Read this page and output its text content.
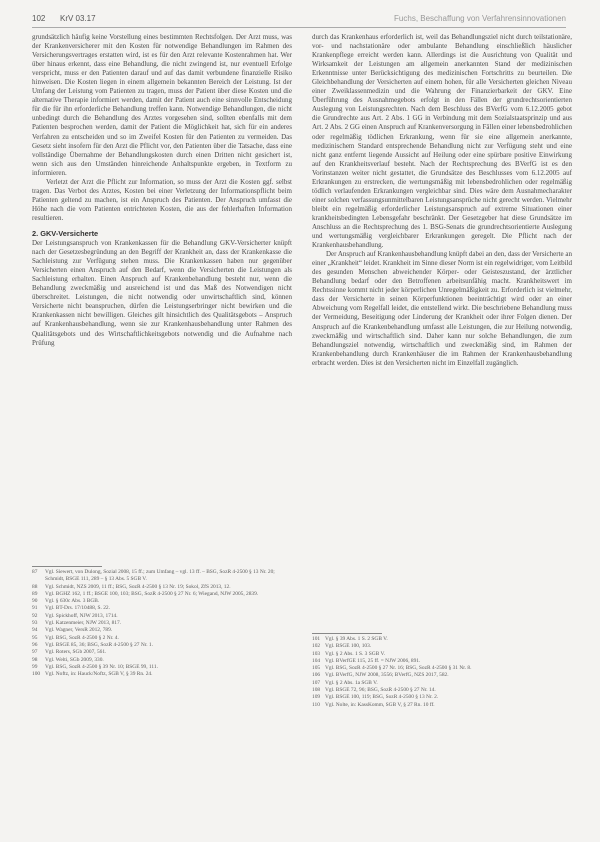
102 KrV 03.17	Fuchs, Beschaffung von Verfahrensinnovationen

grundsätzlich häufig keine Vorstellung eines bestimmten Rechtsfolgen. Der Arzt muss, was der Krankenversicherer mit den Kosten für notwendige Behandlungen im Rahmen des Versicherungsvertrages erstatten wird, ist es für den Arzt relevante Kostenrahmen hat. Wer über hinaus erkennt, dass eine Behandlung, die nicht zwingend ist, nur eventuell Erfolge verspricht, muss er den Patienten darauf und auf das damit verbundene finanzielle Risiko hinweisen. Die Kosten liegen in einem allgemein bekannten Bereich der Leistung. Ist der Umfang der Leistung vom Patienten zu tragen, muss der Patient über diese Kosten und die alternative Therapie informiert werden, damit der Patient auch eine sinnvolle Entscheidung für die für ihn erforderliche Behandlung treffen kann. Notwendige Behandlungen, die nicht unbedingt durch die Behandlung des Arztes vorgesehen sind, sollten ebenfalls mit dem Patienten besprochen werden, damit der Patient die Möglichkeit hat, sich für ein anderes Verfahren zu entscheiden und so im Zweifel Kosten für den Patienten zu vermeiden. Das Gesetz sieht insofern für den Arzt die Pflicht vor, den Patienten über die Tatsache, dass eine vollständige Übernahme der Behandlungskosten durch einen Dritten nicht gesichert ist, wenn sich aus den Umständen hinreichende Anhaltspunkte ergeben, in Textform zu informieren.

Verletzt der Arzt die Pflicht zur Information, so muss der Arzt die Kosten ggf. selbst tragen. Das Verbot des Arztes, Kosten bei einer Verletzung der Informationspflicht beim Patienten geltend zu machen, ist ein Anspruch des Patienten. Der Anspruch umfasst die Höhe nach die vom Patienten entrichteten Kosten, die aus der fehlerhaften Information resultieren.

2. GKV-Versicherte

Der Leistungsanspruch von Krankenkassen für die Behandlung GKV-Versicherter knüpft nach der Gesetzesbegründung an den Begriff der Krankheit an, dass der Krankenkasse die Sachleistung zur Verfügung stehen muss. Die Krankenkassen haben nur gegenüber Versicherten einen Anspruch auf den Bedarf, wenn die Versicherten die Leistungen als Sachleistung erhalten. Einen Anspruch auf Krankenbehandlung besteht nur, wenn die Behandlung zweckmäßig und ausreichend ist und das Maß des Notwendigen nicht überschreitet. Leistungen, die nicht notwendig oder unwirtschaftlich sind, können Versicherte nicht beanspruchen, dürfen die Leistungserbringer nicht bewirken und die Krankenkassen nicht bewilligen. Gleiches gilt hinsichtlich des Qualitätsgebots – Anspruch auf Krankenhausbehandlung, wenn sie zur Krankenhausbehandlung unter Rahmen des Qualitätsgebots und des Wirtschaftlichkeitsgebots notwendig und die Aufnahme nach Prüfung

durch das Krankenhaus erforderlich ist, weil das Behandlungsziel nicht durch teilstationäre, vor- und nachstationäre oder ambulante Behandlung einschließlich häuslicher Krankenpflege erreicht werden kann. Allerdings ist die Ausrichtung von Qualität und Wirksamkeit der Leistungen am allgemein anerkannten Stand der medizinischen Erkenntnisse unter Berücksichtigung des medizinischen Fortschritts zu beurteilen. Die Gleichbehandlung der Versicherten auf einem hohen, für alle Versicherten gleichen Niveau einer Zweiklassenmedizin und die Wahrung der Finanzierbarkeit der GKV. Eine Überführung des Ausnahmegebots erfolgt in den Fällen der grundrechtsorientierten Auslegung von Leistungsrechten. Nach dem Beschluss des BVerfG vom 6.12.2005 gebot die Grundrechte aus Art. 2 Abs. 1 GG in Verbindung mit dem Sozialstaatsprinzip und aus Art. 2 Abs. 2 GG einen Anspruch auf Krankenversorgung in Fällen einer lebensbedrohlichen oder regelmäßig tödlichen Erkrankung, wenn für sie eine allgemein anerkannte, medizinischem Standard entsprechende Behandlung nicht zur Verfügung steht und eine nicht ganz entfernt liegende Aussicht auf Heilung oder eine spürbare positive Einwirkung auf den Krankheitsverlauf besteht. Nach der Rechtsprechung des BVerfG ist es den Vorinstanzen weiter nicht gestattet, die Grundsätze des Beschlusses vom 6.12.2005 auf Erkrankungen zu erstrecken, die wertungsmäßig mit lebensbedrohlichen oder regelmäßig tödlich verlaufenden Erkrankungen vergleichbar sind. Dies wäre dem Ausnahmecharakter einer solchen verfassungsunmittelbaren Leistungsansprüche nicht gerecht werden. Vielmehr bleibt ein regelmäßig erforderlicher Leistungsanspruch auf extreme Situationen einer krankheitsbedingten Lebensgefahr beschränkt. Der Gesetzgeber hat diese Grundsätze im Anschluss an die Rechtsprechung des 1. BSG-Senats die grundrechtsorientierte Auslegung und wertungsmäßig vergleichbarer Erkrankungen geregelt. Die Pflicht nach der Krankenhausbehandlung.

Der Anspruch auf Krankenhausbehandlung knüpft dabei an den, dass der Versicherte an einer „Krankheit“ leidet. Krankheit im Sinne dieser Norm ist ein regelwidriger, vom Leitbild des gesunden Menschen abweichender Körper- oder Geisteszustand, der ärztlicher Behandlung bedarf oder den Betroffenen arbeitsunfähig macht. Krankheitswert im Rechtssinne kommt nicht jeder körperlichen Unregelmäßigkeit zu. Erforderlich ist vielmehr, dass der Versicherte in seinen Körperfunktionen beeinträchtigt wird oder an einer Abweichung vom Regelfall leidet, die entstellend wirkt. Die beschriebene Behandlung muss der Vermeidung, Beseitigung oder Linderung der Krankheit oder ihrer Folgen dienen. Der Anspruch auf die Krankenbehandlung umfasst alle Leistungen, die zur Heilung notwendig, zweckmäßig und wirtschaftlich sind. Daher kann nur solche Behandlungen, die zum Behandlungsziel notwendig, wirtschaftlich und zweckmäßig sind, im Rahmen der Krankenbehandlung durch Krankenhäuser die im Rahmen der Krankenhausbehandlung erbracht werden. Dies ist den Versicherten nicht im Einzelfall zugänglich.

87	Vgl. Siewert, von Dulong, Sozial 2008, 15 ff.; zum Umfang – vgl. 13 ff. – BSG, SozR 4-2500 § 13 Nr. 20; Schmidt, BSGE 111, 289 – § 13 Abs. 5 SGB V.
88	Vgl. Schmidt, NZS 2009, 11 ff.; BSG, SozR 4-2500 § 13 Nr. 19; Sokol, ZfS 2013, 12.
89	Vgl. BGHZ 162, 1 ff.; BSGE 100, 103; BSG, SozR 4-2500 § 27 Nr. 6; Wiegand, NJW 2005, 2839.
90	Vgl. § 630c Abs. 3 BGB.
91	Vgl. BT-Drs. 17/10488, S. 22.
92	Vgl. Spickhoff, NJW 2013, 1714.
93	Vgl. Katzenmeier, NJW 2013, 817.
94	Vgl. Wagner, VersR 2012, 789.
95	Vgl. BSG, SozR 4-2500 § 2 Nr. 4.
96	Vgl. BSGE 85, 36; BSG, SozR 4-2500 § 27 Nr. 1.
97	Vgl. Roters, SGb 2007, 561.
98	Vgl. Welti, SGb 2009, 330.
99	Vgl. BSG, SozR 4-2500 § 39 Nr. 10; BSGE 99, 111.
100 Vgl. Noftz, in: Hauck/Noftz, SGB V, § 39 Rn. 24.
101 Vgl. § 39 Abs. 1 S. 2 SGB V.
102 Vgl. BSGE 100, 103.
103 Vgl. § 2 Abs. 1 S. 3 SGB V.
104 Vgl. BVerfGE 115, 25 ff. = NJW 2006, 891.
105 Vgl. BSG, SozR 4-2500 § 27 Nr. 16; BSG, SozR 4-2500 § 31 Nr. 8.
106 Vgl. BVerfG, NJW 2008, 3556; BVerfG, NZS 2017, 582.
107 Vgl. § 2 Abs. 1a SGB V.
108 Vgl. BSGE 72, 96; BSG, SozR 4-2500 § 27 Nr. 14.
109 Vgl. BSGE 100, 119; BSG, SozR 4-2500 § 13 Nr. 2.
110 Vgl. Nolte, in: KassKomm, SGB V, § 27 Rn. 10 ff.
